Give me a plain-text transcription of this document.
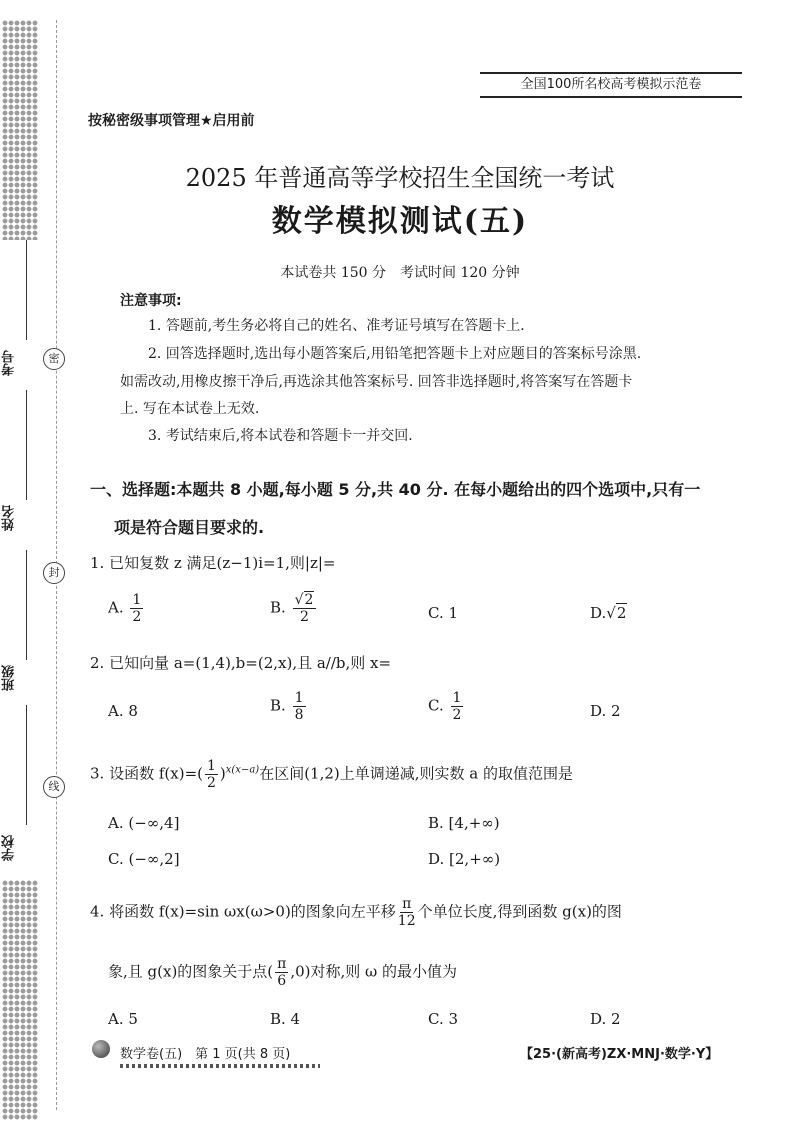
考号
姓名
班级
学校
密
封
线
全国100所名校高考模拟示范卷
按秘密级事项管理★启用前
2025 年普通高等学校招生全国统一考试
数学模拟测试(五)
本试卷共 150 分　考试时间 120 分钟
注意事项:
1. 答题前,考生务必将自己的姓名、准考证号填写在答题卡上.
2. 回答选择题时,选出每小题答案后,用铅笔把答题卡上对应题目的答案标号涂黑.
如需改动,用橡皮擦干净后,再选涂其他答案标号. 回答非选择题时,将答案写在答题卡
上. 写在本试卷上无效.
3. 考试结束后,将本试卷和答题卡一并交回.
一、选择题:本题共 8 小题,每小题 5 分,共 40 分. 在每小题给出的四个选项中,只有一
项是符合题目要求的.
1. 已知复数 z 满足(z−1)i=1,则|z|=
A. $\frac{1}{2}$	B. $\frac{√2}{2}$	C. 1	D.√2
2. 已知向量 a=(1,4),b=(2,x),且 a//b,则 x=
A. 8	B. $\frac{1}{8}$	C. $\frac{1}{2}$	D. 2
3. 设函数 $f(x)=( \frac{1}{2} )^{x(x-a)}$在区间(1,2)上单调递减,则实数 a 的取值范围是
A. (−∞,4]	B. [4,+∞)
C. (−∞,2]	D. [2,+∞)
4. 将函数 f(x)=sin ωx(ω>0)的图象向左平移 $\frac{\pi}{12}$ 个单位长度,得到函数 g(x)的图
象,且 g(x)的图象关于点( $\frac{\pi}{6} ,0$)对称,则 ω 的最小值为
A. 5	B. 4	C. 3	D. 2
数学卷(五)　第 1 页(共 8 页)	【25·(新高考)ZX·MNJ·数学·Y】
